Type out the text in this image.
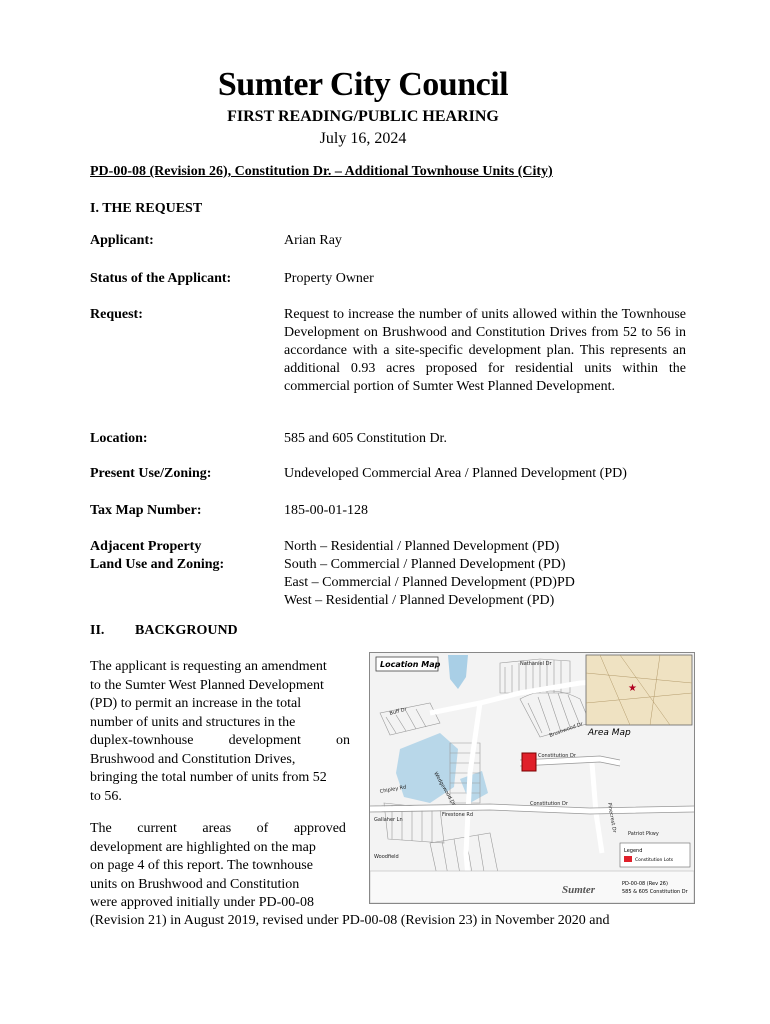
Sumter City Council
FIRST READING/PUBLIC HEARING
July 16, 2024
PD-00-08 (Revision 26), Constitution Dr. – Additional Townhouse Units (City)
I. THE REQUEST
Applicant:	Arian Ray
Status of the Applicant:	Property Owner
Request:	Request to increase the number of units allowed within the Townhouse Development on Brushwood and Constitution Drives from 52 to 56 in accordance with a site-specific development plan. This represents an additional 0.93 acres proposed for residential units within the commercial portion of Sumter West Planned Development.
Location:	585 and 605 Constitution Dr.
Present Use/Zoning:	Undeveloped Commercial Area / Planned Development (PD)
Tax Map Number:	185-00-01-128
Adjacent Property
Land Use and Zoning:
North – Residential / Planned Development (PD)
South – Commercial / Planned Development (PD)
East – Commercial / Planned Development (PD)PD
West – Residential / Planned Development (PD)
II. BACKGROUND
The applicant is requesting an amendment
to the Sumter West Planned Development
(PD) to permit an increase in the total
number of units and structures in the
duplex-townhouse	development	on
Brushwood and Constitution Drives,
bringing the total number of units from 52
to 56.
The current areas of approved
development are highlighted on the map
on page 4 of this report. The townhouse
units on Brushwood and Constitution
were approved initially under PD-00-08
(Revision 21) in August 2019, revised under PD-00-08 (Revision 23) in November 2020 and
Location Map
★
Area Map
Constitution Dr
Constitution Dr
Brushwood Dr
Patriot Pkwy
Firestone Rd
Gallaher Ln
Woodfield
Chipley Rd
Pinecrest Dr
Nathaniel Dr
Buff Dr
Wedgewood Dr
Legend
Constitution Lots
PD-00-08 (Rev 26)
585 & 605 Constitution Dr
Sumter
